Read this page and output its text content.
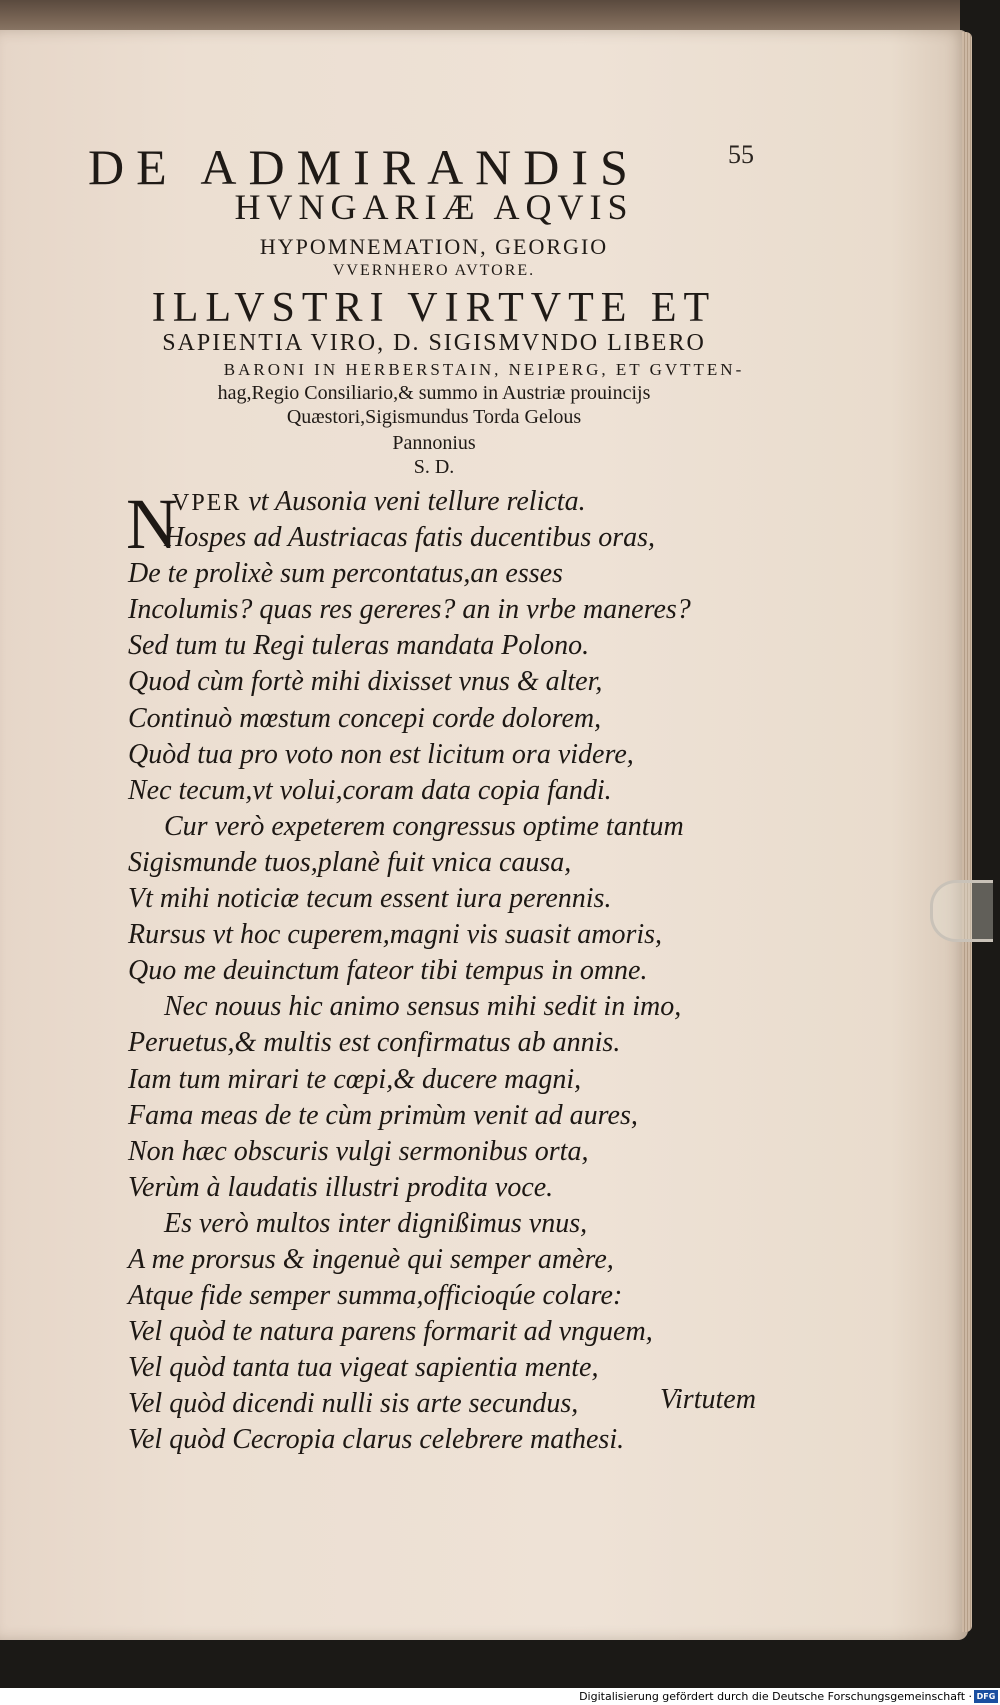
55
DE ADMIRANDIS
HVNGARIÆ AQVIS
HYPOMNEMATION, GEORGIO
VVERNHERO AVTORE.
ILLVSTRI VIRTVTE ET
SAPIENTIA VIRO, D. SIGISMVNDO LIBERO
BARONI IN HERBERSTAIN, NEIPERG, ET GVTTEN-
hag,Regio Consiliario,& summo in Austriæ prouincijs
Quæstori,Sigismundus Torda Gelous
Pannonius
S. D.
N
VPER vt Ausonia veni tellure relicta.
Hospes ad Austriacas fatis ducentibus oras,
De te prolixè sum percontatus,an esses
Incolumis? quas res gereres? an in vrbe maneres?
Sed tum tu Regi tuleras mandata Polono.
Quod cùm fortè mihi dixisset vnus & alter,
Continuò mœstum concepi corde dolorem,
Quòd tua pro voto non est licitum ora videre,
Nec tecum,vt volui,coram data copia fandi.
Cur verò expeterem congressus optime tantum
Sigismunde tuos,planè fuit vnica causa,
Vt mihi noticiæ tecum essent iura perennis.
Rursus vt hoc cuperem,magni vis suasit amoris,
Quo me deuinctum fateor tibi tempus in omne.
Nec nouus hic animo sensus mihi sedit in imo,
Peruetus,& multis est confirmatus ab annis.
Iam tum mirari te cœpi,& ducere magni,
Fama meas de te cùm primùm venit ad aures,
Non hæc obscuris vulgi sermonibus orta,
Verùm à laudatis illustri prodita voce.
Es verò multos inter dignißimus vnus,
A me prorsus & ingenuè qui semper amère,
Atque fide semper summa,officioqúe colare:
Vel quòd te natura parens formarit ad vnguem,
Vel quòd tanta tua vigeat sapientia mente,
Vel quòd dicendi nulli sis arte secundus,
Vel quòd Cecropia clarus celebrere mathesi.
Virtutem
Digitalisierung gefördert durch die Deutsche Forschungsgemeinschaft · DFG
